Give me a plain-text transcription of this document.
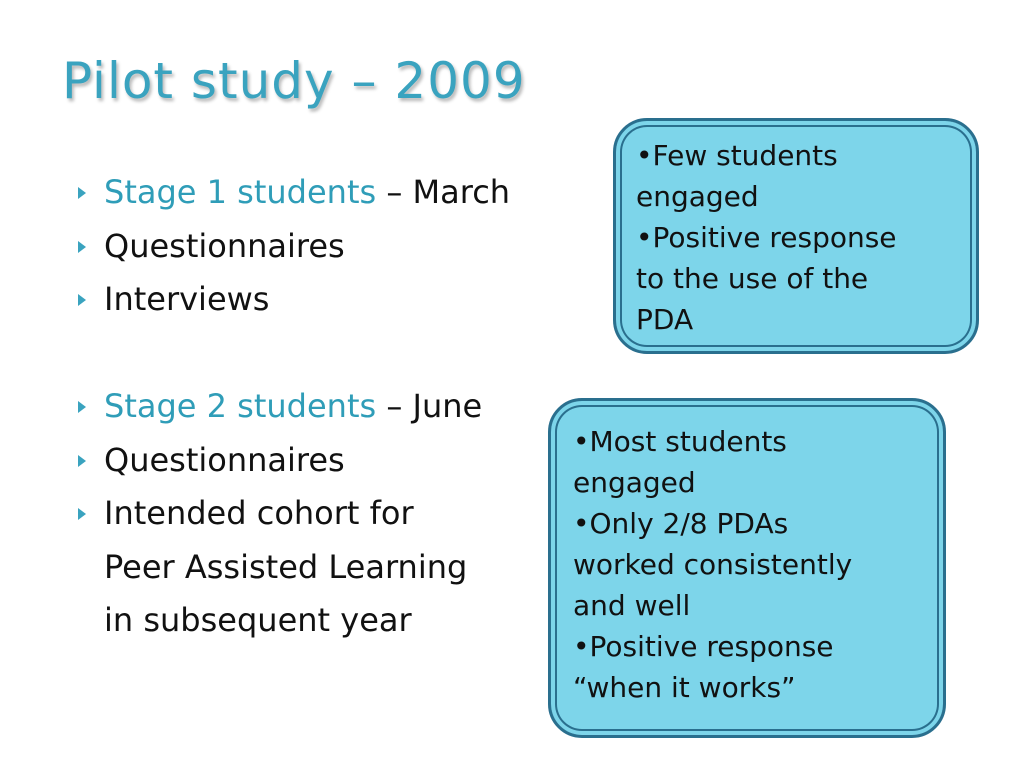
Pilot study – 2009
Stage 1 students – March
Questionnaires
Interviews
Stage 2 students – June
Questionnaires
Intended cohort for
Peer Assisted Learning
in subsequent year
•Few students
engaged
•Positive response
to the use of the
PDA
•Most students
engaged
•Only 2/8 PDAs
worked consistently
and well
•Positive response
“when it works”
